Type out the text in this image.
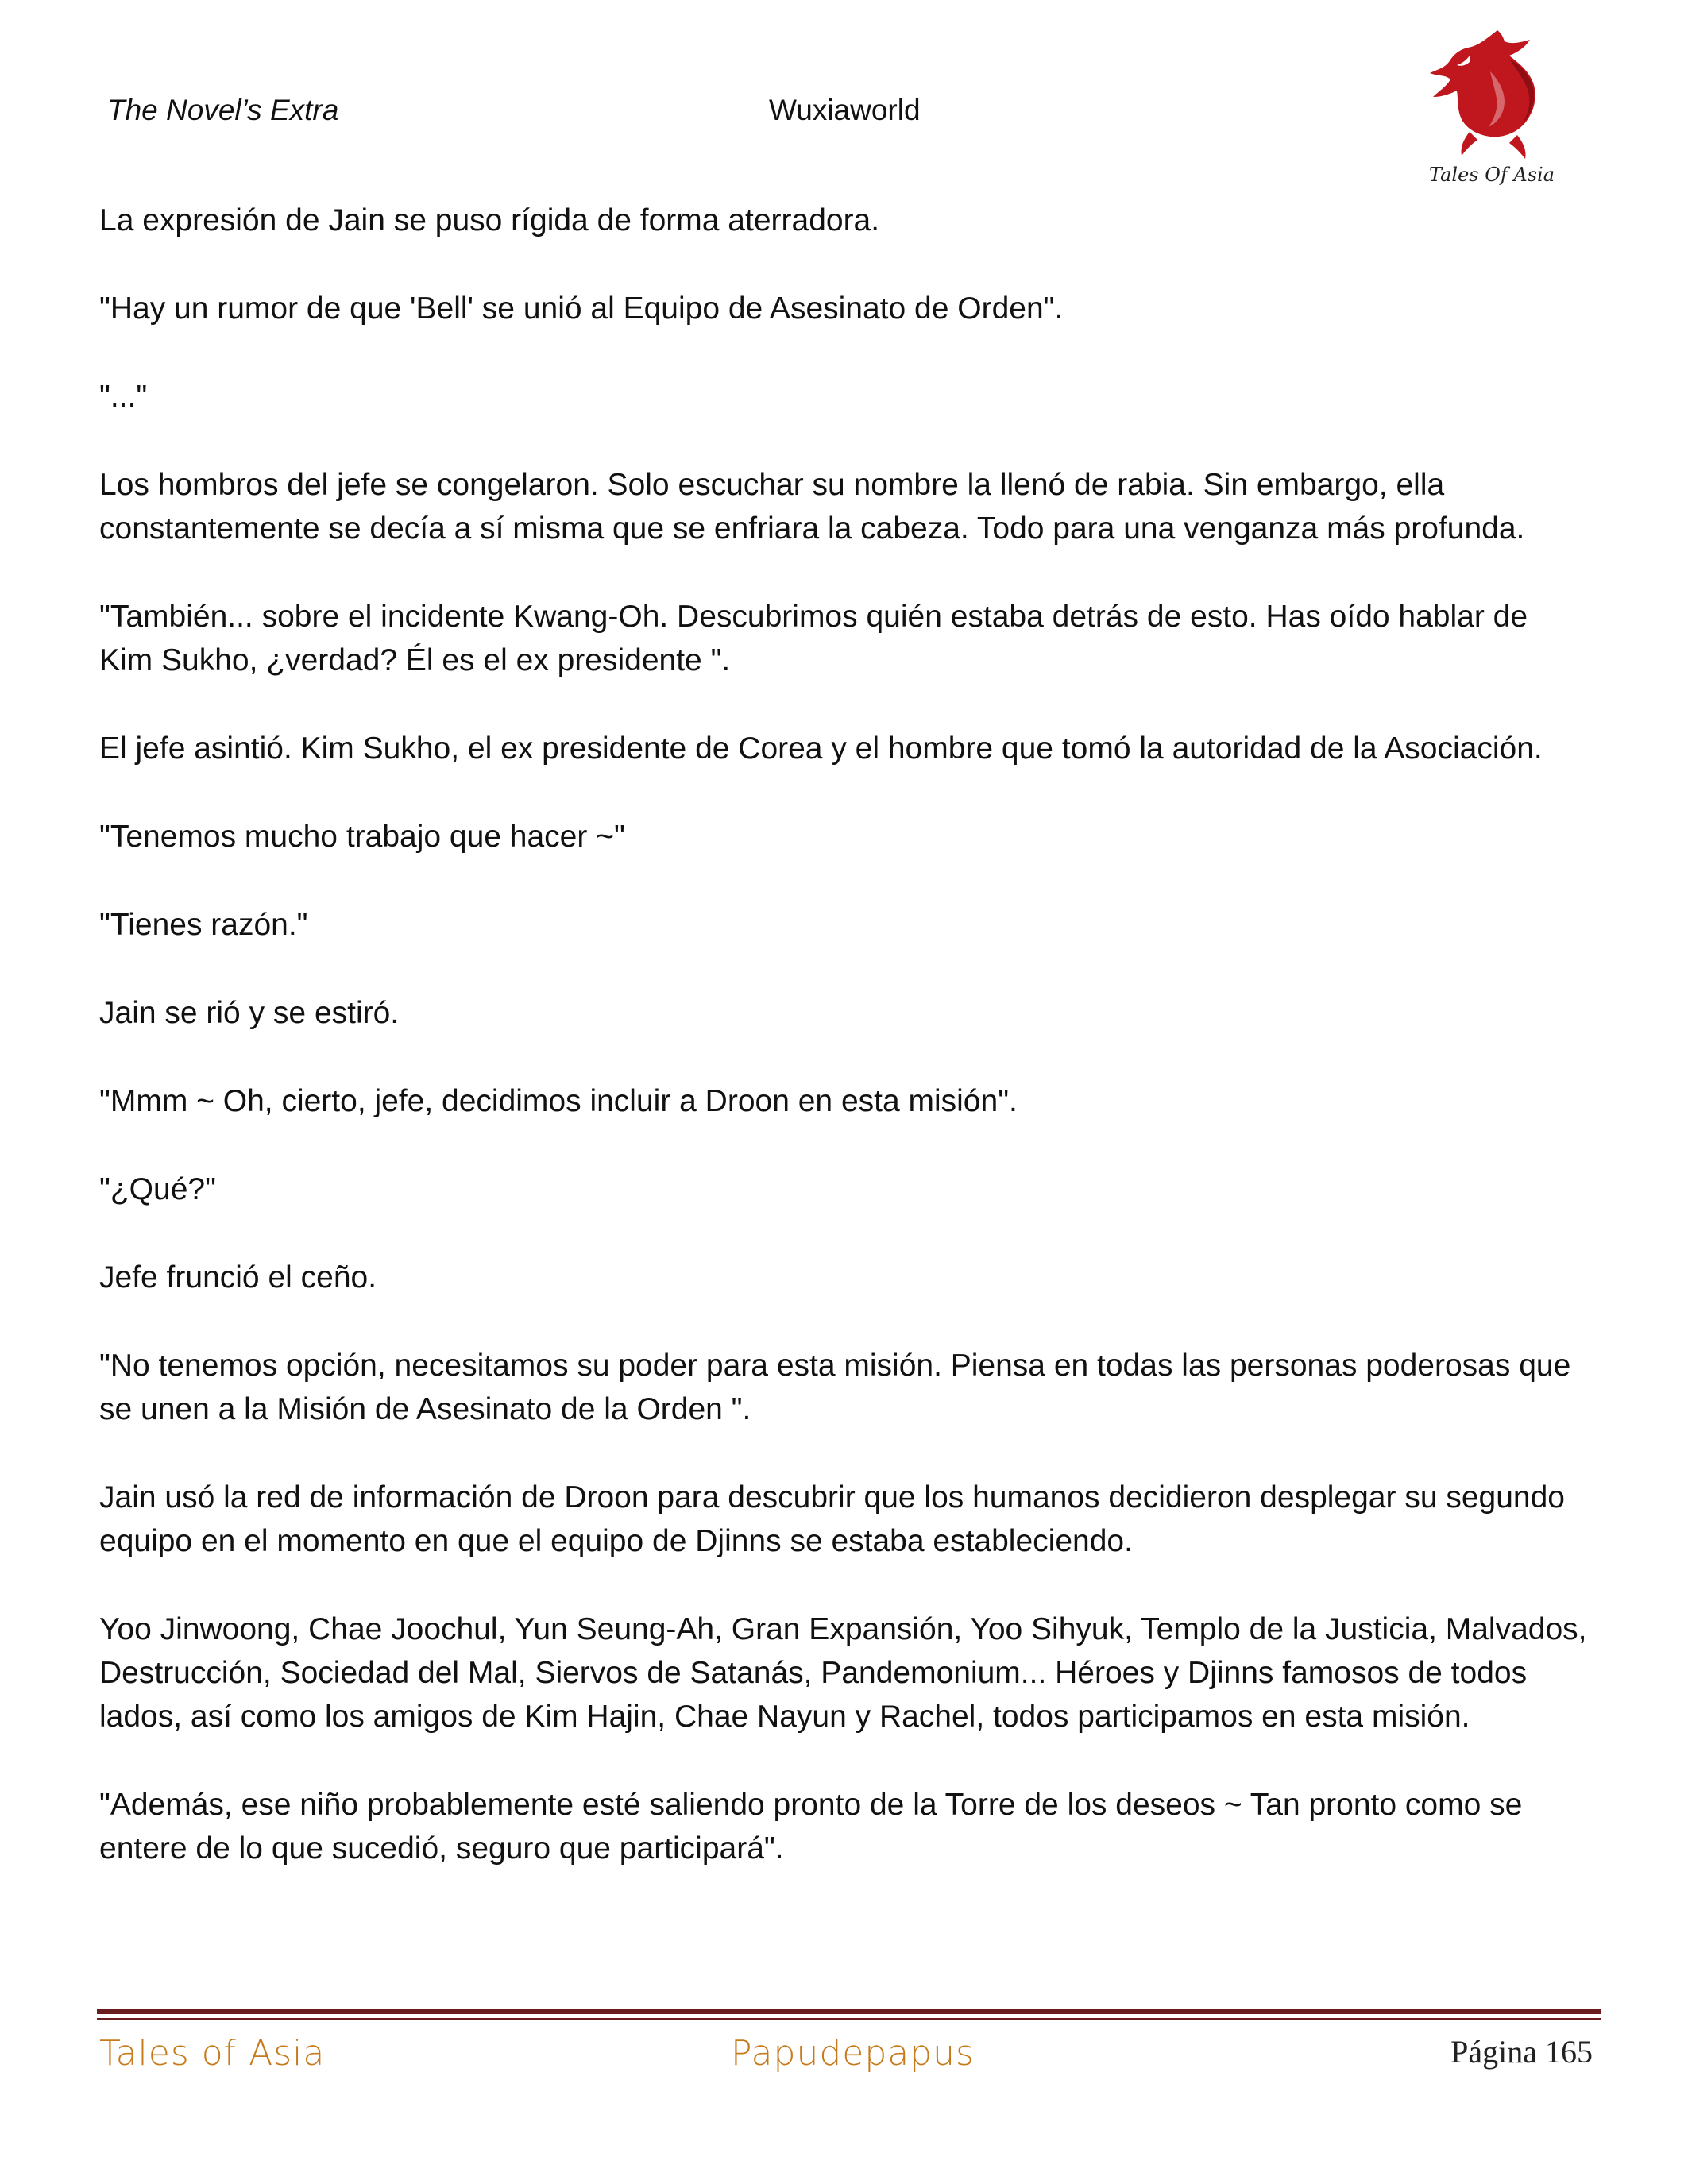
The Novel’s Extra	Wuxiaworld
Tales Of Asia

La expresión de Jain se puso rígida de forma aterradora.

"Hay un rumor de que 'Bell' se unió al Equipo de Asesinato de Orden".

"..."

Los hombros del jefe se congelaron. Solo escuchar su nombre la llenó de rabia. Sin embargo, ella constantemente se decía a sí misma que se enfriara la cabeza. Todo para una venganza más profunda.

"También... sobre el incidente Kwang-Oh. Descubrimos quién estaba detrás de esto. Has oído hablar de Kim Sukho, ¿verdad? Él es el ex presidente ".

El jefe asintió. Kim Sukho, el ex presidente de Corea y el hombre que tomó la autoridad de la Asociación.

"Tenemos mucho trabajo que hacer ~"

"Tienes razón."

Jain se rió y se estiró.

"Mmm ~ Oh, cierto, jefe, decidimos incluir a Droon en esta misión".

"¿Qué?"

Jefe frunció el ceño.

"No tenemos opción, necesitamos su poder para esta misión. Piensa en todas las personas poderosas que se unen a la Misión de Asesinato de la Orden ".

Jain usó la red de información de Droon para descubrir que los humanos decidieron desplegar su segundo equipo en el momento en que el equipo de Djinns se estaba estableciendo.

Yoo Jinwoong, Chae Joochul, Yun Seung-Ah, Gran Expansión, Yoo Sihyuk, Templo de la Justicia, Malvados, Destrucción, Sociedad del Mal, Siervos de Satanás, Pandemonium... Héroes y Djinns famosos de todos lados, así como los amigos de Kim Hajin, Chae Nayun y Rachel, todos participamos en esta misión.

"Además, ese niño probablemente esté saliendo pronto de la Torre de los deseos ~ Tan pronto como se entere de lo que sucedió, seguro que participará".

Tales of Asia	Papudepapus	Página 165
